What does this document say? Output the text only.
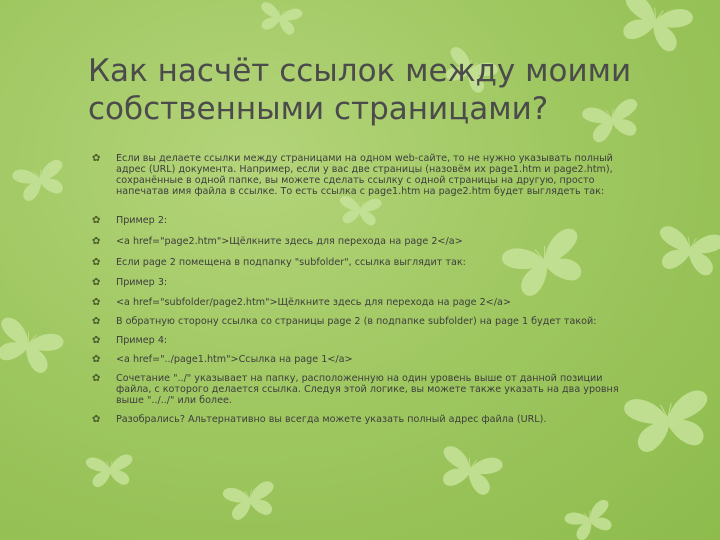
Как насчёт ссылок между моими собственными страницами?
✿	Если вы делаете ссылки между страницами на одном web-сайте, то не нужно указывать полный адрес (URL) документа. Например, если у вас две страницы (назовём их page1.htm и page2.htm), сохранённые в одной папке, вы можете сделать ссылку с одной страницы на другую, просто напечатав имя файла в ссылке. То есть ссылка с page1.htm на page2.htm будет выглядеть так:
✿	Пример 2:
✿	<a href="page2.htm">Щёлкните здесь для перехода на page 2</a>
✿	Если page 2 помещена в подпапку "subfolder", ссылка выглядит так:
✿	Пример 3:
✿	<a href="subfolder/page2.htm">Щёлкните здесь для перехода на page 2</a>
✿	В обратную сторону ссылка со страницы page 2 (в подпапке subfolder) на page 1 будет такой:
✿	Пример 4:
✿	<a href="../page1.htm">Ссылка на page 1</a>
✿	Сочетание "../" указывает на папку, расположенную на один уровень выше от данной позиции файла, с которого делается ссылка. Следуя этой логике, вы можете также указать на два уровня выше "../../" или более.
✿	Разобрались? Альтернативно вы всегда можете указать полный адрес файла (URL).
